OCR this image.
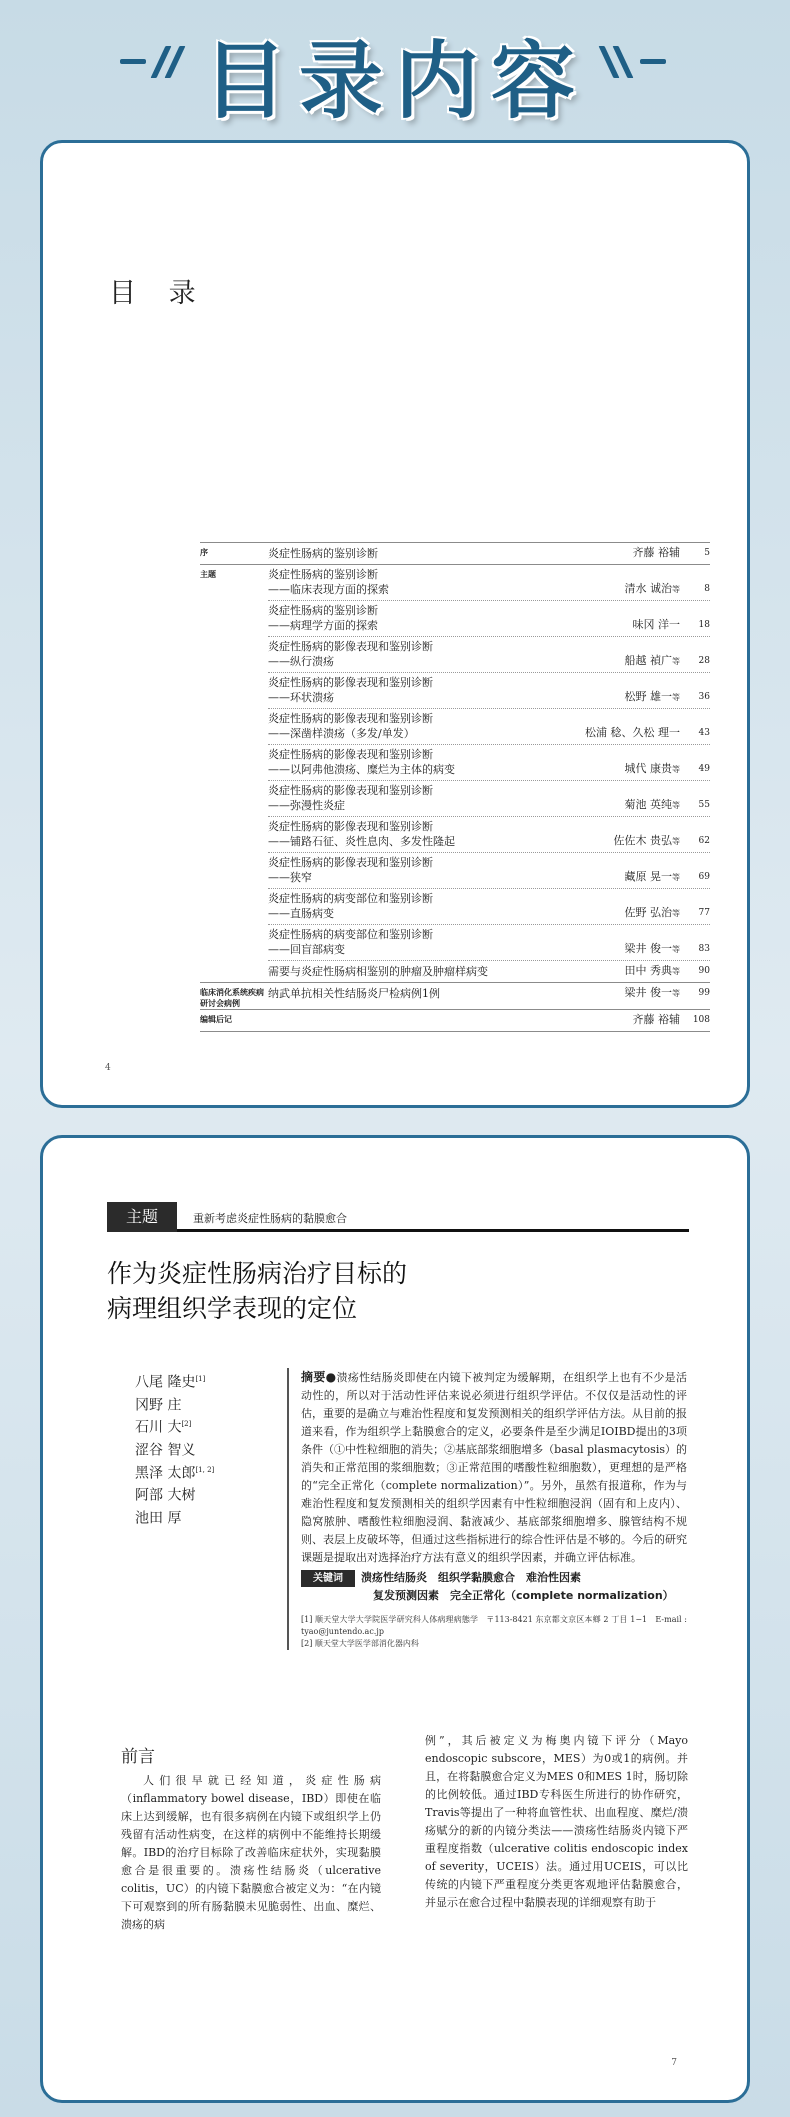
目录内容
目 录
序	炎症性肠病的鉴别诊断	齐藤 裕辅	5
主题	炎症性肠病的鉴别诊断
——临床表现方面的探索	清水 诚治等	8
炎症性肠病的鉴别诊断
——病理学方面的探索	味冈 洋一	18
炎症性肠病的影像表现和鉴别诊断
——纵行溃疡	船越 禎广等	28
炎症性肠病的影像表现和鉴别诊断
——环状溃疡	松野 雄一等	36
炎症性肠病的影像表现和鉴别诊断
——深凿样溃疡（多发/单发）	松浦 稔、久松 理一	43
炎症性肠病的影像表现和鉴别诊断
——以阿弗他溃疡、糜烂为主体的病变	城代 康贵等	49
炎症性肠病的影像表现和鉴别诊断
——弥漫性炎症	菊池 英纯等	55
炎症性肠病的影像表现和鉴别诊断
——铺路石征、炎性息肉、多发性隆起	佐佐木 贵弘等	62
炎症性肠病的影像表现和鉴别诊断
——狭窄	藏原 晃一等	69
炎症性肠病的病变部位和鉴别诊断
——直肠病变	佐野 弘治等	77
炎症性肠病的病变部位和鉴别诊断
——回盲部病变	梁井 俊一等	83
需要与炎症性肠病相鉴别的肿瘤及肿瘤样病变	田中 秀典等	90
临床消化系统疾病研讨会病例
纳武单抗相关性结肠炎尸检病例1例	梁井 俊一等	99
编辑后记	齐藤 裕辅	108
4
主题	重新考虑炎症性肠病的黏膜愈合
作为炎症性肠病治疗目标的
病理组织学表现的定位
八尾 隆史[1]
冈野 庄
石川 大[2]
涩谷 智义
黑泽 太郎[1, 2]
阿部 大树
池田 厚
摘要●溃疡性结肠炎即使在内镜下被判定为缓解期，在组织学上也有不少是活动性的，所以对于活动性评估来说必须进行组织学评估。不仅仅是活动性的评估，重要的是确立与难治性程度和复发预测相关的组织学评估方法。从目前的报道来看，作为组织学上黏膜愈合的定义，必要条件是至少满足IOIBD提出的3项条件（①中性粒细胞的消失；②基底部浆细胞增多（basal plasmacytosis）的消失和正常范围的浆细胞数；③正常范围的嗜酸性粒细胞数），更理想的是严格的“完全正常化（complete normalization）”。另外，虽然有报道称，作为与难治性程度和复发预测相关的组织学因素有中性粒细胞浸润（固有和上皮内）、隐窝脓肿、嗜酸性粒细胞浸润、黏液减少、基底部浆细胞增多、腺管结构不规则、表层上皮破坏等，但通过这些指标进行的综合性评估是不够的。今后的研究课题是提取出对选择治疗方法有意义的组织学因素，并确立评估标准。
关键词 溃疡性结肠炎　组织学黏膜愈合　难治性因素
复发预测因素　完全正常化（complete normalization）
[1] 顺天堂大学大学院医学研究科人体病理病態学　〒113-8421 东京都文京区本鄉 2 丁目 1−1　E-mail : tyao@juntendo.ac.jp
[2] 顺天堂大学医学部消化器内科
前言
人们很早就已经知道，炎症性肠病（inflammatory bowel disease，IBD）即使在临床上达到缓解，也有很多病例在内镜下或组织学上仍残留有活动性病变，在这样的病例中不能维持长期缓解。IBD的治疗目标除了改善临床症状外，实现黏膜愈合是很重要的。溃疡性结肠炎（ulcerative colitis，UC）的内镜下黏膜愈合被定义为：“在内镜下可观察到的所有肠黏膜未见脆弱性、出血、糜烂、溃疡的病
例”，其后被定义为梅奥内镜下评分（Mayo endoscopic subscore，MES）为0或1的病例。并且，在将黏膜愈合定义为MES 0和MES 1时，肠切除的比例较低。通过IBD专科医生所进行的协作研究，Travis等提出了一种将血管性状、出血程度、糜烂/溃疡赋分的新的内镜分类法——溃疡性结肠炎内镜下严重程度指数（ulcerative colitis endoscopic index of severity，UCEIS）法。通过用UCEIS，可以比传统的内镜下严重程度分类更客观地评估黏膜愈合，并显示在愈合过程中黏膜表现的详细观察有助于
7
